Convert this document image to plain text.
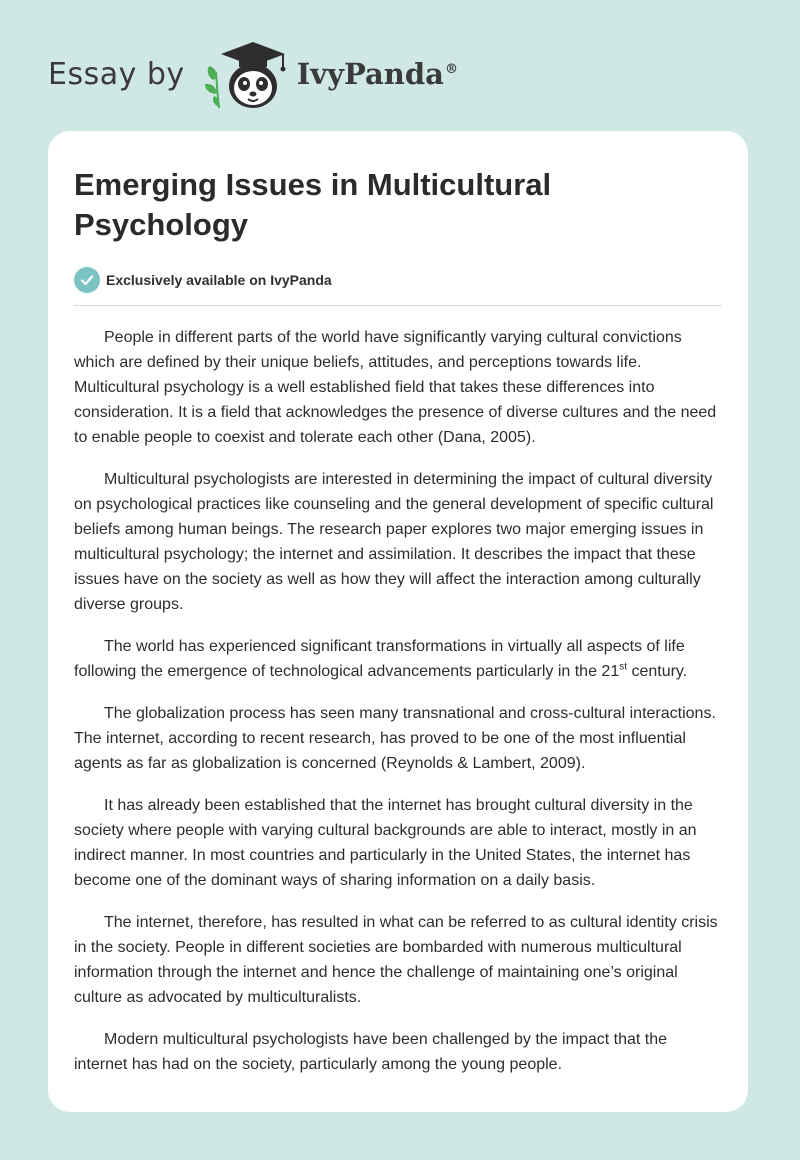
Essay by	IvyPanda®
Emerging Issues in Multicultural Psychology
Exclusively available on IvyPanda

People in different parts of the world have significantly varying cultural convictions which are defined by their unique beliefs, attitudes, and perceptions towards life. Multicultural psychology is a well established field that takes these differences into consideration. It is a field that acknowledges the presence of diverse cultures and the need to enable people to coexist and tolerate each other (Dana, 2005).

Multicultural psychologists are interested in determining the impact of cultural diversity on psychological practices like counseling and the general development of specific cultural beliefs among human beings. The research paper explores two major emerging issues in multicultural psychology; the internet and assimilation. It describes the impact that these issues have on the society as well as how they will affect the interaction among culturally diverse groups.

The world has experienced significant transformations in virtually all aspects of life following the emergence of technological advancements particularly in the 21st century.

The globalization process has seen many transnational and cross-cultural interactions. The internet, according to recent research, has proved to be one of the most influential agents as far as globalization is concerned (Reynolds & Lambert, 2009).

It has already been established that the internet has brought cultural diversity in the society where people with varying cultural backgrounds are able to interact, mostly in an indirect manner. In most countries and particularly in the United States, the internet has become one of the dominant ways of sharing information on a daily basis.

The internet, therefore, has resulted in what can be referred to as cultural identity crisis in the society. People in different societies are bombarded with numerous multicultural information through the internet and hence the challenge of maintaining one’s original culture as advocated by multiculturalists.

Modern multicultural psychologists have been challenged by the impact that the internet has had on the society, particularly among the young people.
